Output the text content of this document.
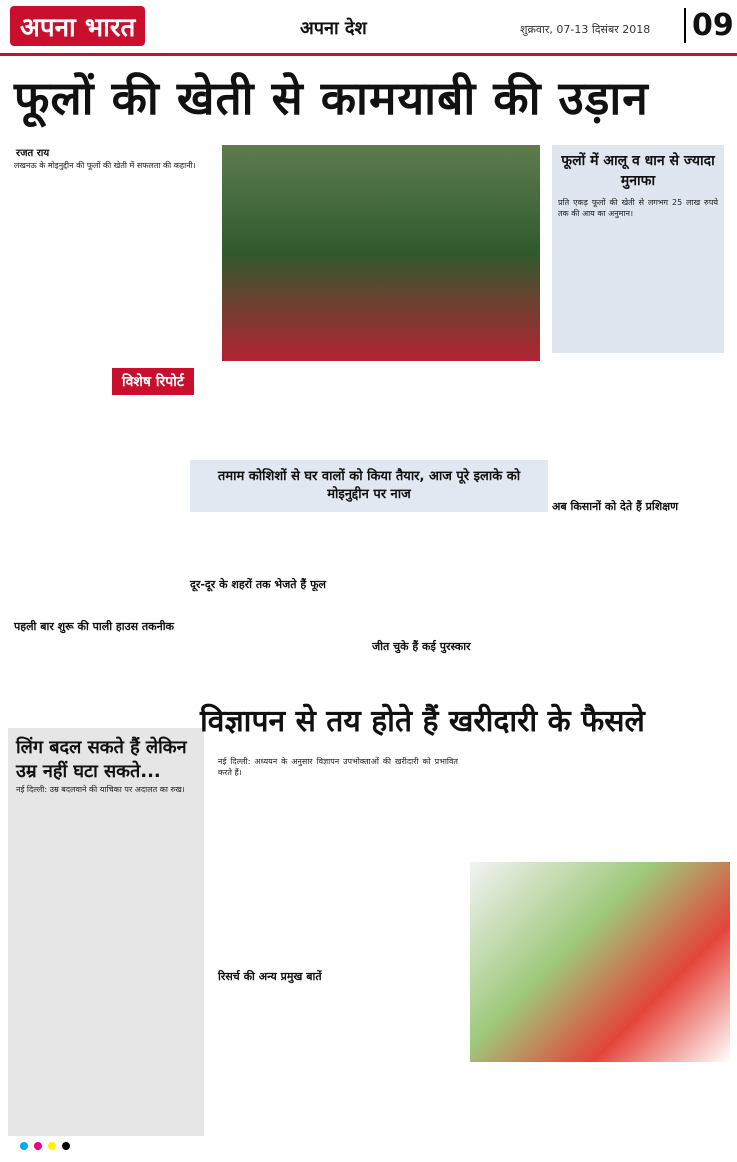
अपना भारत	अपना देश	शुक्रवार, 07-13 दिसंबर 2018 09
फूलों की खेती से कामयाबी की उड़ान
रजत राय
लखनऊ के मोइनुद्दीन की फूलों की खेती में सफलता की कहानी।	फूलों में आलू व धान से ज्यादा मुनाफा
प्रति एकड़ फूलों की खेती से लगभग 25 लाख रुपये तक की आय का अनुमान।
विशेष रिपोर्ट
तमाम कोशिशों से घर वालों को किया तैयार, आज पूरे इलाके को मोइनुद्दीन पर नाज
पहली बार शुरू की पाली हाउस तकनीक
दूर-दूर के शहरों तक भेजते हैं फूल
जीत चुके हैं कई पुरस्कार
अब किसानों को देते हैं प्रशिक्षण
लिंग बदल सकते हैं लेकिन उम्र नहीं घटा सकते...
नई दिल्ली: उम्र बदलवाने की याचिका पर अदालत का रुख।
विज्ञापन से तय होते हैं खरीदारी के फैसले
नई दिल्ली: अध्ययन के अनुसार विज्ञापन उपभोक्ताओं की खरीदारी को प्रभावित करते हैं।
रिसर्च की अन्य प्रमुख बातें
